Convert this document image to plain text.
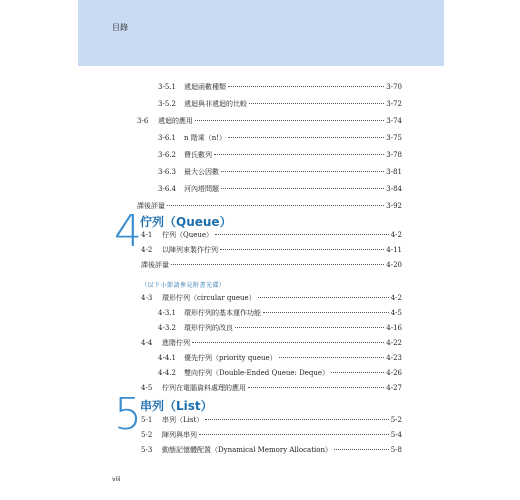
目錄
3-5.1	遞迴函數種類	3-70
3-5.2	遞迴與非遞迴的比較	3-72
3-6	遞迴的應用	3-74
3-6.1	n 階乘（n!）	3-75
3-6.2	費氏數列	3-78
3-6.3	最大公因數	3-81
3-6.4	河內塔問題	3-84
課後評量	3-92
4
佇列（Queue）
4-1	佇列（Queue）	4-2
4-2	以陣列來製作佇列	4-11
課後評量	4-20
（以下小節請參見附書光碟）
4-3	環形佇列（circular queue）	4-2
4-3.1	環形佇列的基本運作功能	4-5
4-3.2	環形佇列的改良	4-16
4-4	進階佇列	4-22
4-4.1	優先佇列（priority queue）	4-23
4-4.2	雙向佇列（Double-Ended Queue: Deque）	4-26
4-5	佇列在電腦資料處理的應用	4-27
5
串列（List）
5-1	串列（List）	5-2
5-2	陣列與串列	5-4
5-3	動態記憶體配置（Dynamical Memory Allocation）	5-8
viii
